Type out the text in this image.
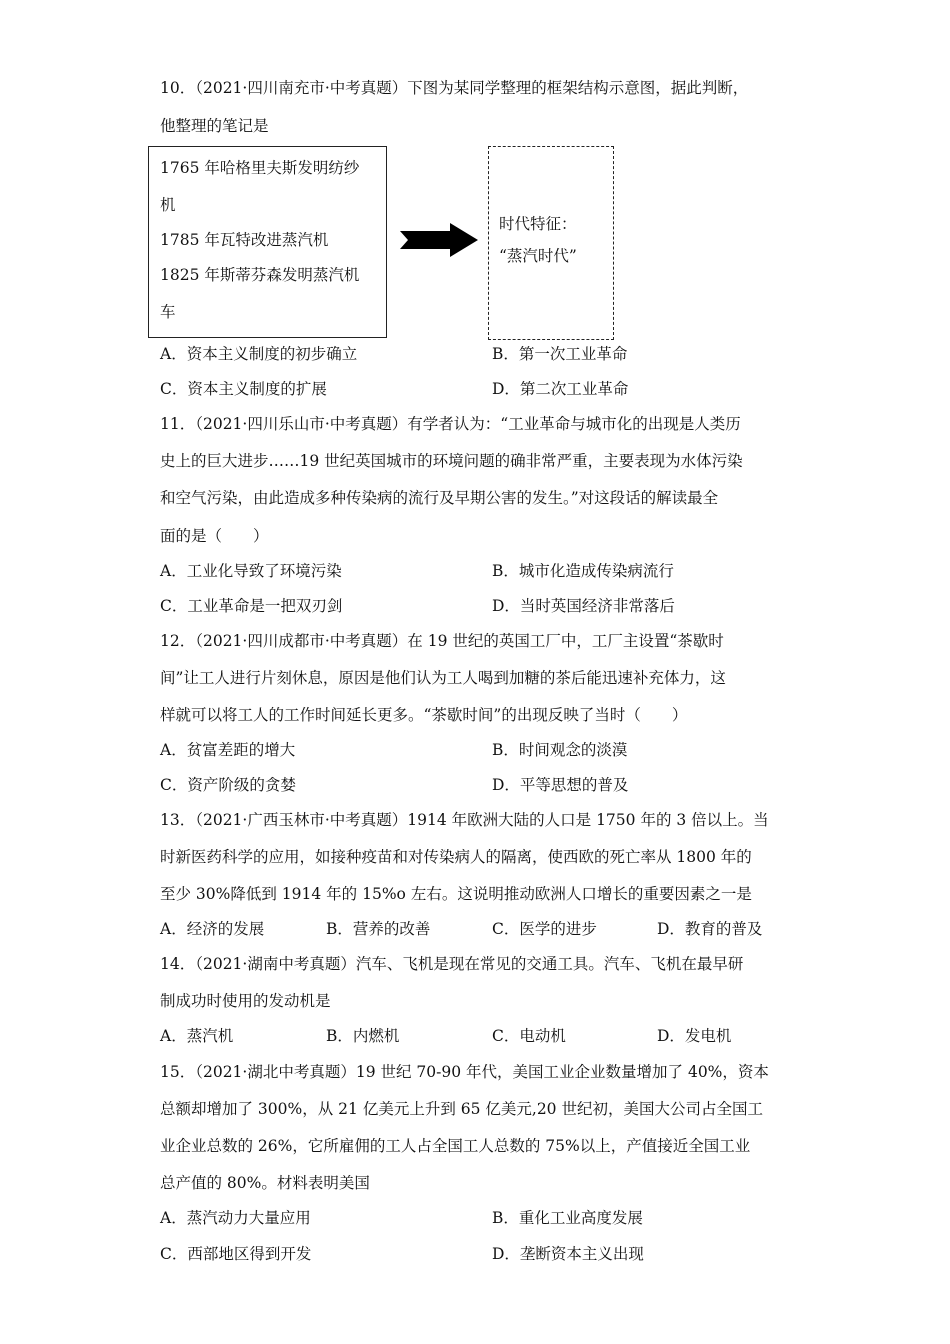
10．（2021·四川南充市·中考真题）下图为某同学整理的框架结构示意图，据此判断，
他整理的笔记是
1765 年哈格里夫斯发明纺纱
机
1785 年瓦特改进蒸汽机
1825 年斯蒂芬森发明蒸汽机
车
时代特征：
“蒸汽时代”
A．资本主义制度的初步确立	B．第一次工业革命
C．资本主义制度的扩展	D．第二次工业革命
11．（2021·四川乐山市·中考真题）有学者认为：“工业革命与城市化的出现是人类历
史上的巨大进步……19 世纪英国城市的环境问题的确非常严重，主要表现为水体污染
和空气污染，由此造成多种传染病的流行及早期公害的发生。”对这段话的解读最全
面的是（　　）
A．工业化导致了环境污染	B．城市化造成传染病流行
C．工业革命是一把双刃剑	D．当时英国经济非常落后
12．（2021·四川成都市·中考真题）在 19 世纪的英国工厂中，工厂主设置“茶歇时
间”让工人进行片刻休息，原因是他们认为工人喝到加糖的茶后能迅速补充体力，这
样就可以将工人的工作时间延长更多。“茶歇时间”的出现反映了当时（　　）
A．贫富差距的增大	B．时间观念的淡漠
C．资产阶级的贪婪	D．平等思想的普及
13．（2021·广西玉林市·中考真题）1914 年欧洲大陆的人口是 1750 年的 3 倍以上。当
时新医药科学的应用，如接种疫苗和对传染病人的隔离，使西欧的死亡率从 1800 年的
至少 30%降低到 1914 年的 15%o 左右。这说明推动欧洲人口增长的重要因素之一是
A．经济的发展	B．营养的改善	C．医学的进步	D．教育的普及
14．（2021·湖南中考真题）汽车、飞机是现在常见的交通工具。汽车、飞机在最早研
制成功时使用的发动机是
A．蒸汽机	B．内燃机	C．电动机	D．发电机
15．（2021·湖北中考真题）19 世纪 70-90 年代，美国工业企业数量增加了 40%，资本
总额却增加了 300%，从 21 亿美元上升到 65 亿美元,20 世纪初，美国大公司占全国工
业企业总数的 26%，它所雇佣的工人占全国工人总数的 75%以上，产值接近全国工业
总产值的 80%。材料表明美国
A．蒸汽动力大量应用	B．重化工业高度发展
C．西部地区得到开发	D．垄断资本主义出现
